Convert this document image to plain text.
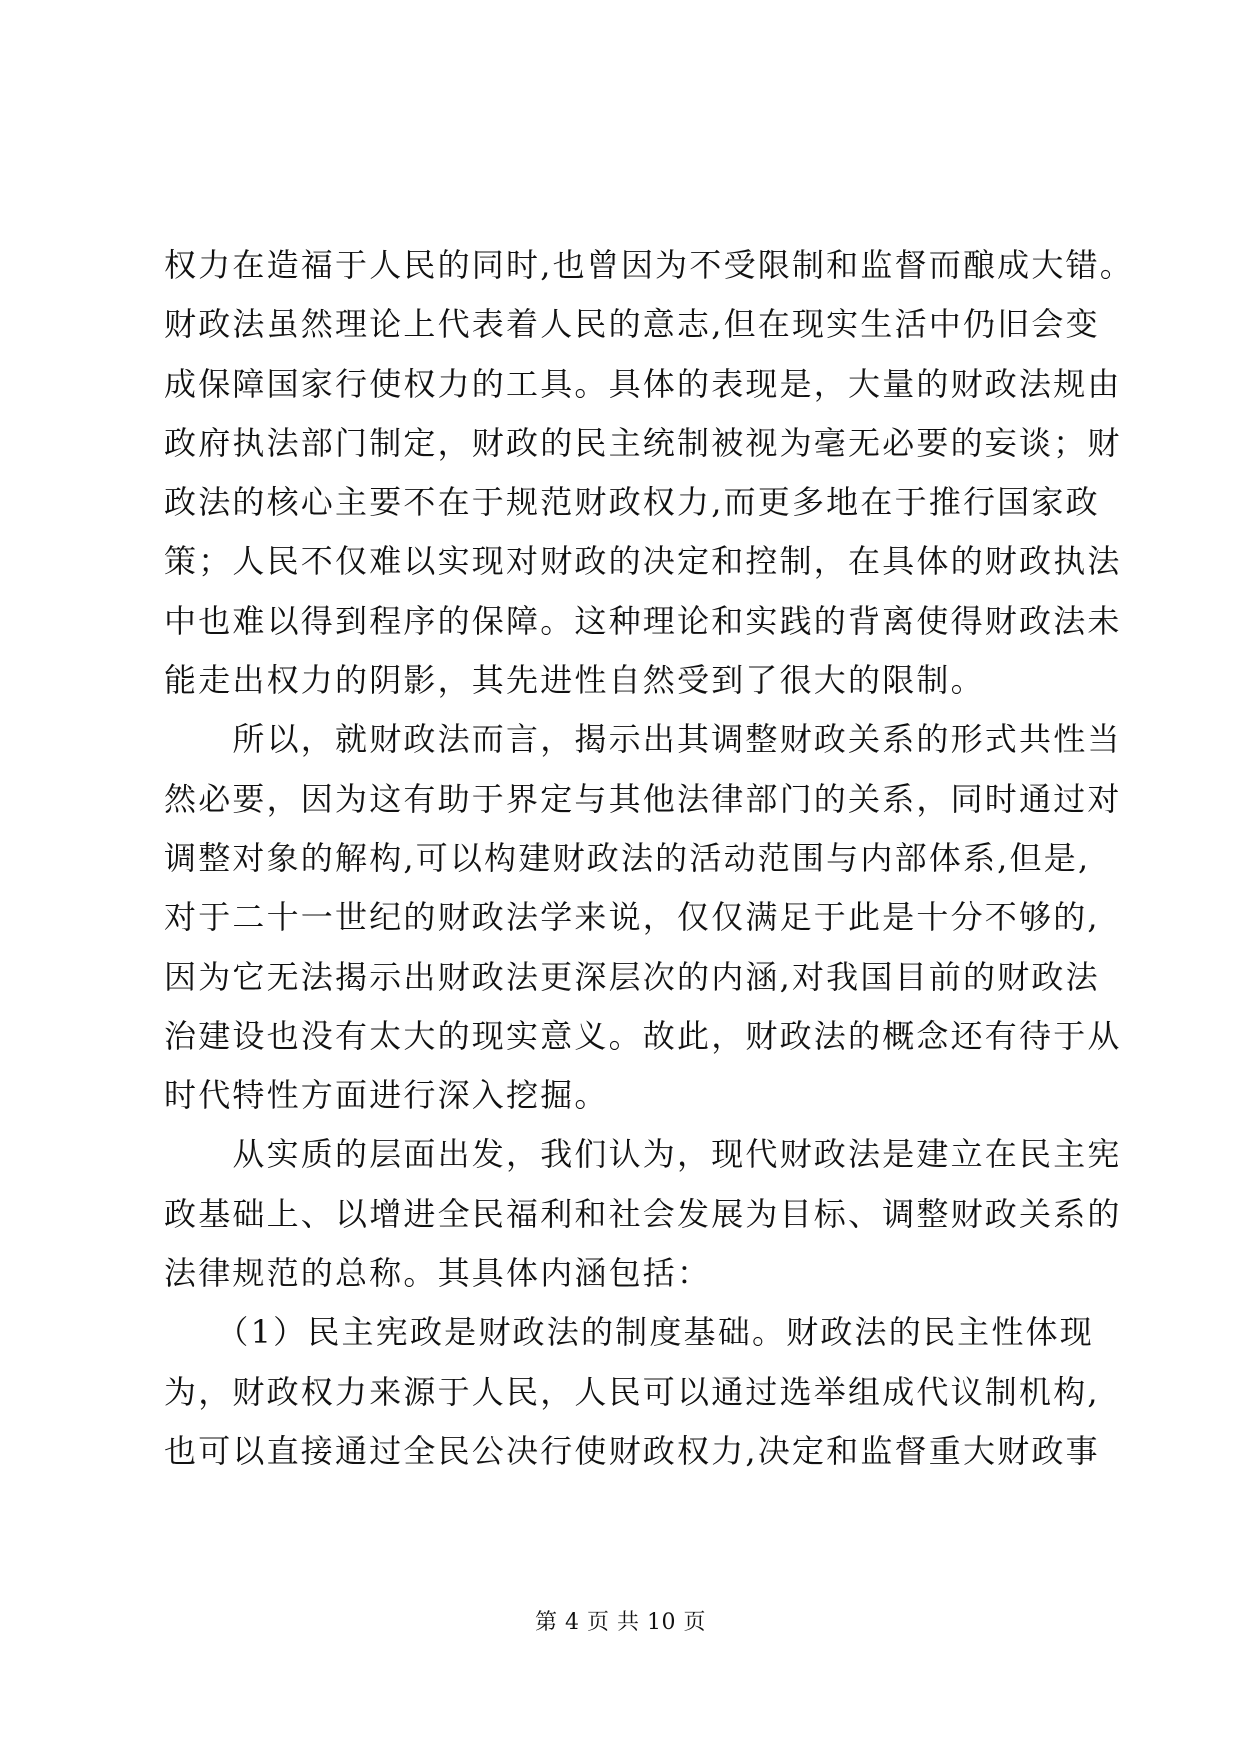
权力在造福于人民的同时,也曾因为不受限制和监督而酿成大错。
财政法虽然理论上代表着人民的意志,但在现实生活中仍旧会变
成保障国家行使权力的工具。具体的表现是，大量的财政法规由
政府执法部门制定，财政的民主统制被视为毫无必要的妄谈；财
政法的核心主要不在于规范财政权力,而更多地在于推行国家政
策；人民不仅难以实现对财政的决定和控制，在具体的财政执法
中也难以得到程序的保障。这种理论和实践的背离使得财政法未
能走出权力的阴影，其先进性自然受到了很大的限制。
　　所以，就财政法而言，揭示出其调整财政关系的形式共性当
然必要，因为这有助于界定与其他法律部门的关系，同时通过对
调整对象的解构,可以构建财政法的活动范围与内部体系,但是,
对于二十一世纪的财政法学来说，仅仅满足于此是十分不够的,
因为它无法揭示出财政法更深层次的内涵,对我国目前的财政法
治建设也没有太大的现实意义。故此，财政法的概念还有待于从
时代特性方面进行深入挖掘。
　　从实质的层面出发，我们认为，现代财政法是建立在民主宪
政基础上、以增进全民福利和社会发展为目标、调整财政关系的
法律规范的总称。其具体内涵包括：
　　（1）民主宪政是财政法的制度基础。财政法的民主性体现
为，财政权力来源于人民，人民可以通过选举组成代议制机构,
也可以直接通过全民公决行使财政权力,决定和监督重大财政事
第 4 页 共 10 页
